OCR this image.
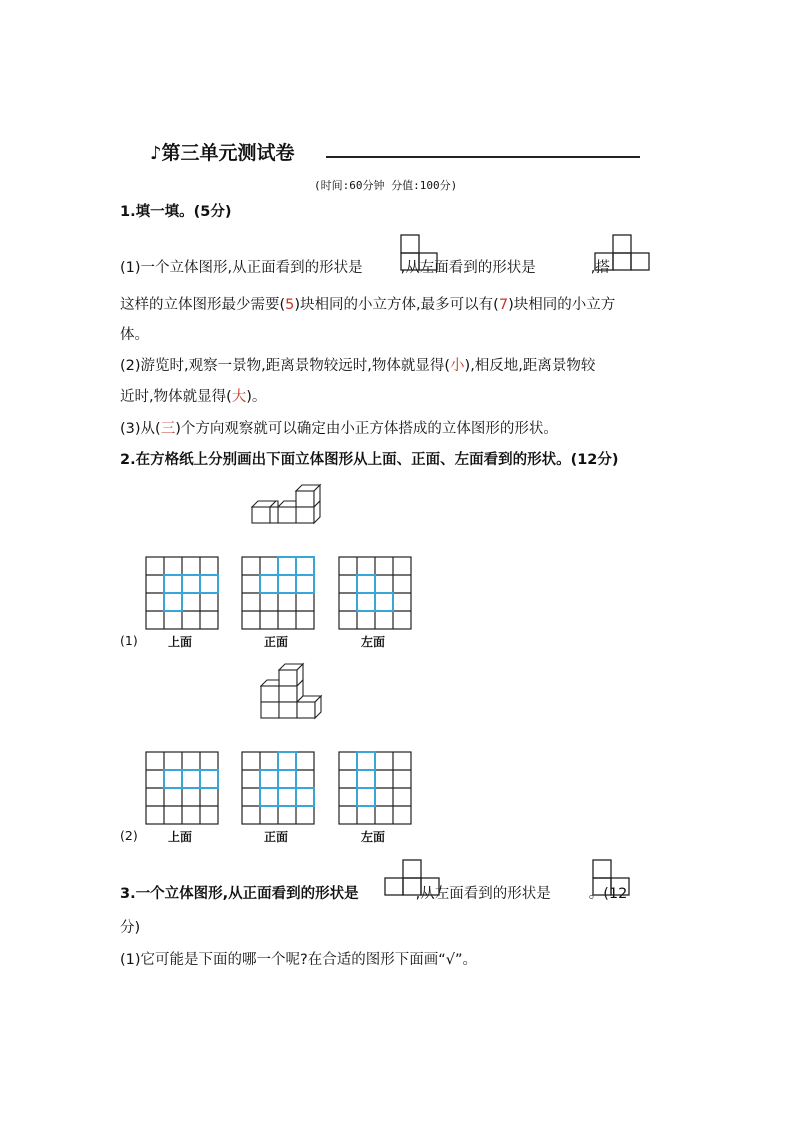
♪第三单元测试卷
(时间:60分钟 分值:100分)
1.填一填。(5分)
(1)一个立体图形,从正面看到的形状是	,从左面看到的形状是	,搭
这样的立体图形最少需要(5)块相同的小立方体,最多可以有(7)块相同的小立方
体。
(2)游览时,观察一景物,距离景物较远时,物体就显得(小),相反地,距离景物较
近时,物体就显得(大)。
(3)从(三)个方向观察就可以确定由小正方体搭成的立体图形的形状。
2.在方格纸上分别画出下面立体图形从上面、正面、左面看到的形状。(12分)
(1)	上面	正面	左面
(2)	上面	正面	左面
3.一个立体图形,从正面看到的形状是	,从左面看到的形状是	。(12
分)
(1)它可能是下面的哪一个呢?在合适的图形下面画“√”。
